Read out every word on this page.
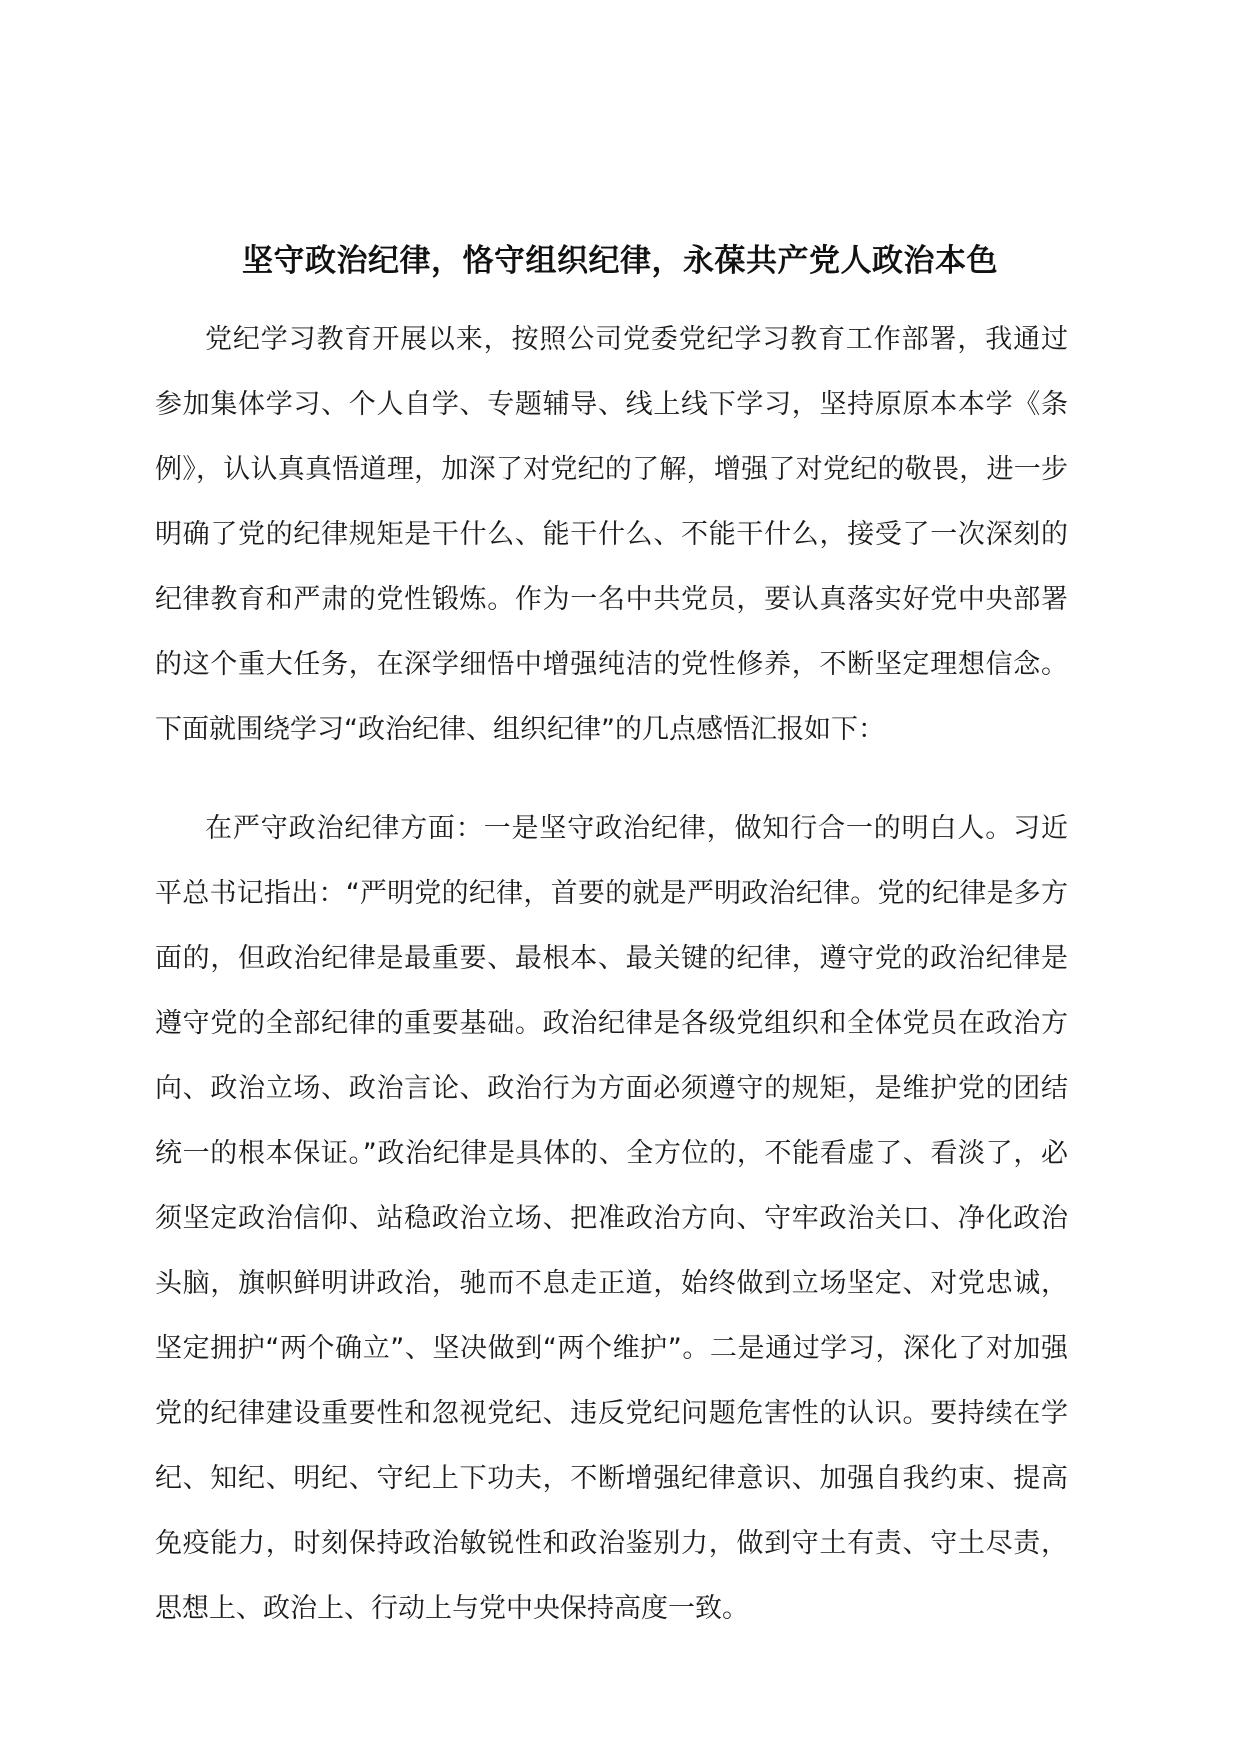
坚守政治纪律，恪守组织纪律，永葆共产党人政治本色

党纪学习教育开展以来，按照公司党委党纪学习教育工作部署，我通过参加集体学习、个人自学、专题辅导、线上线下学习，坚持原原本本学《条例》，认认真真悟道理，加深了对党纪的了解，增强了对党纪的敬畏，进一步明确了党的纪律规矩是干什么、能干什么、不能干什么，接受了一次深刻的纪律教育和严肃的党性锻炼。作为一名中共党员，要认真落实好党中央部署的这个重大任务，在深学细悟中增强纯洁的党性修养，不断坚定理想信念。下面就围绕学习“政治纪律、组织纪律”的几点感悟汇报如下：

在严守政治纪律方面：一是坚守政治纪律，做知行合一的明白人。习近平总书记指出：“严明党的纪律，首要的就是严明政治纪律。党的纪律是多方面的，但政治纪律是最重要、最根本、最关键的纪律，遵守党的政治纪律是遵守党的全部纪律的重要基础。政治纪律是各级党组织和全体党员在政治方向、政治立场、政治言论、政治行为方面必须遵守的规矩，是维护党的团结统一的根本保证。”政治纪律是具体的、全方位的，不能看虚了、看淡了，必须坚定政治信仰、站稳政治立场、把准政治方向、守牢政治关口、净化政治头脑，旗帜鲜明讲政治，驰而不息走正道，始终做到立场坚定、对党忠诚，坚定拥护“两个确立”、坚决做到“两个维护”。二是通过学习，深化了对加强党的纪律建设重要性和忽视党纪、违反党纪问题危害性的认识。要持续在学纪、知纪、明纪、守纪上下功夫，不断增强纪律意识、加强自我约束、提高免疫能力，时刻保持政治敏锐性和政治鉴别力，做到守土有责、守土尽责，思想上、政治上、行动上与党中央保持高度一致。
